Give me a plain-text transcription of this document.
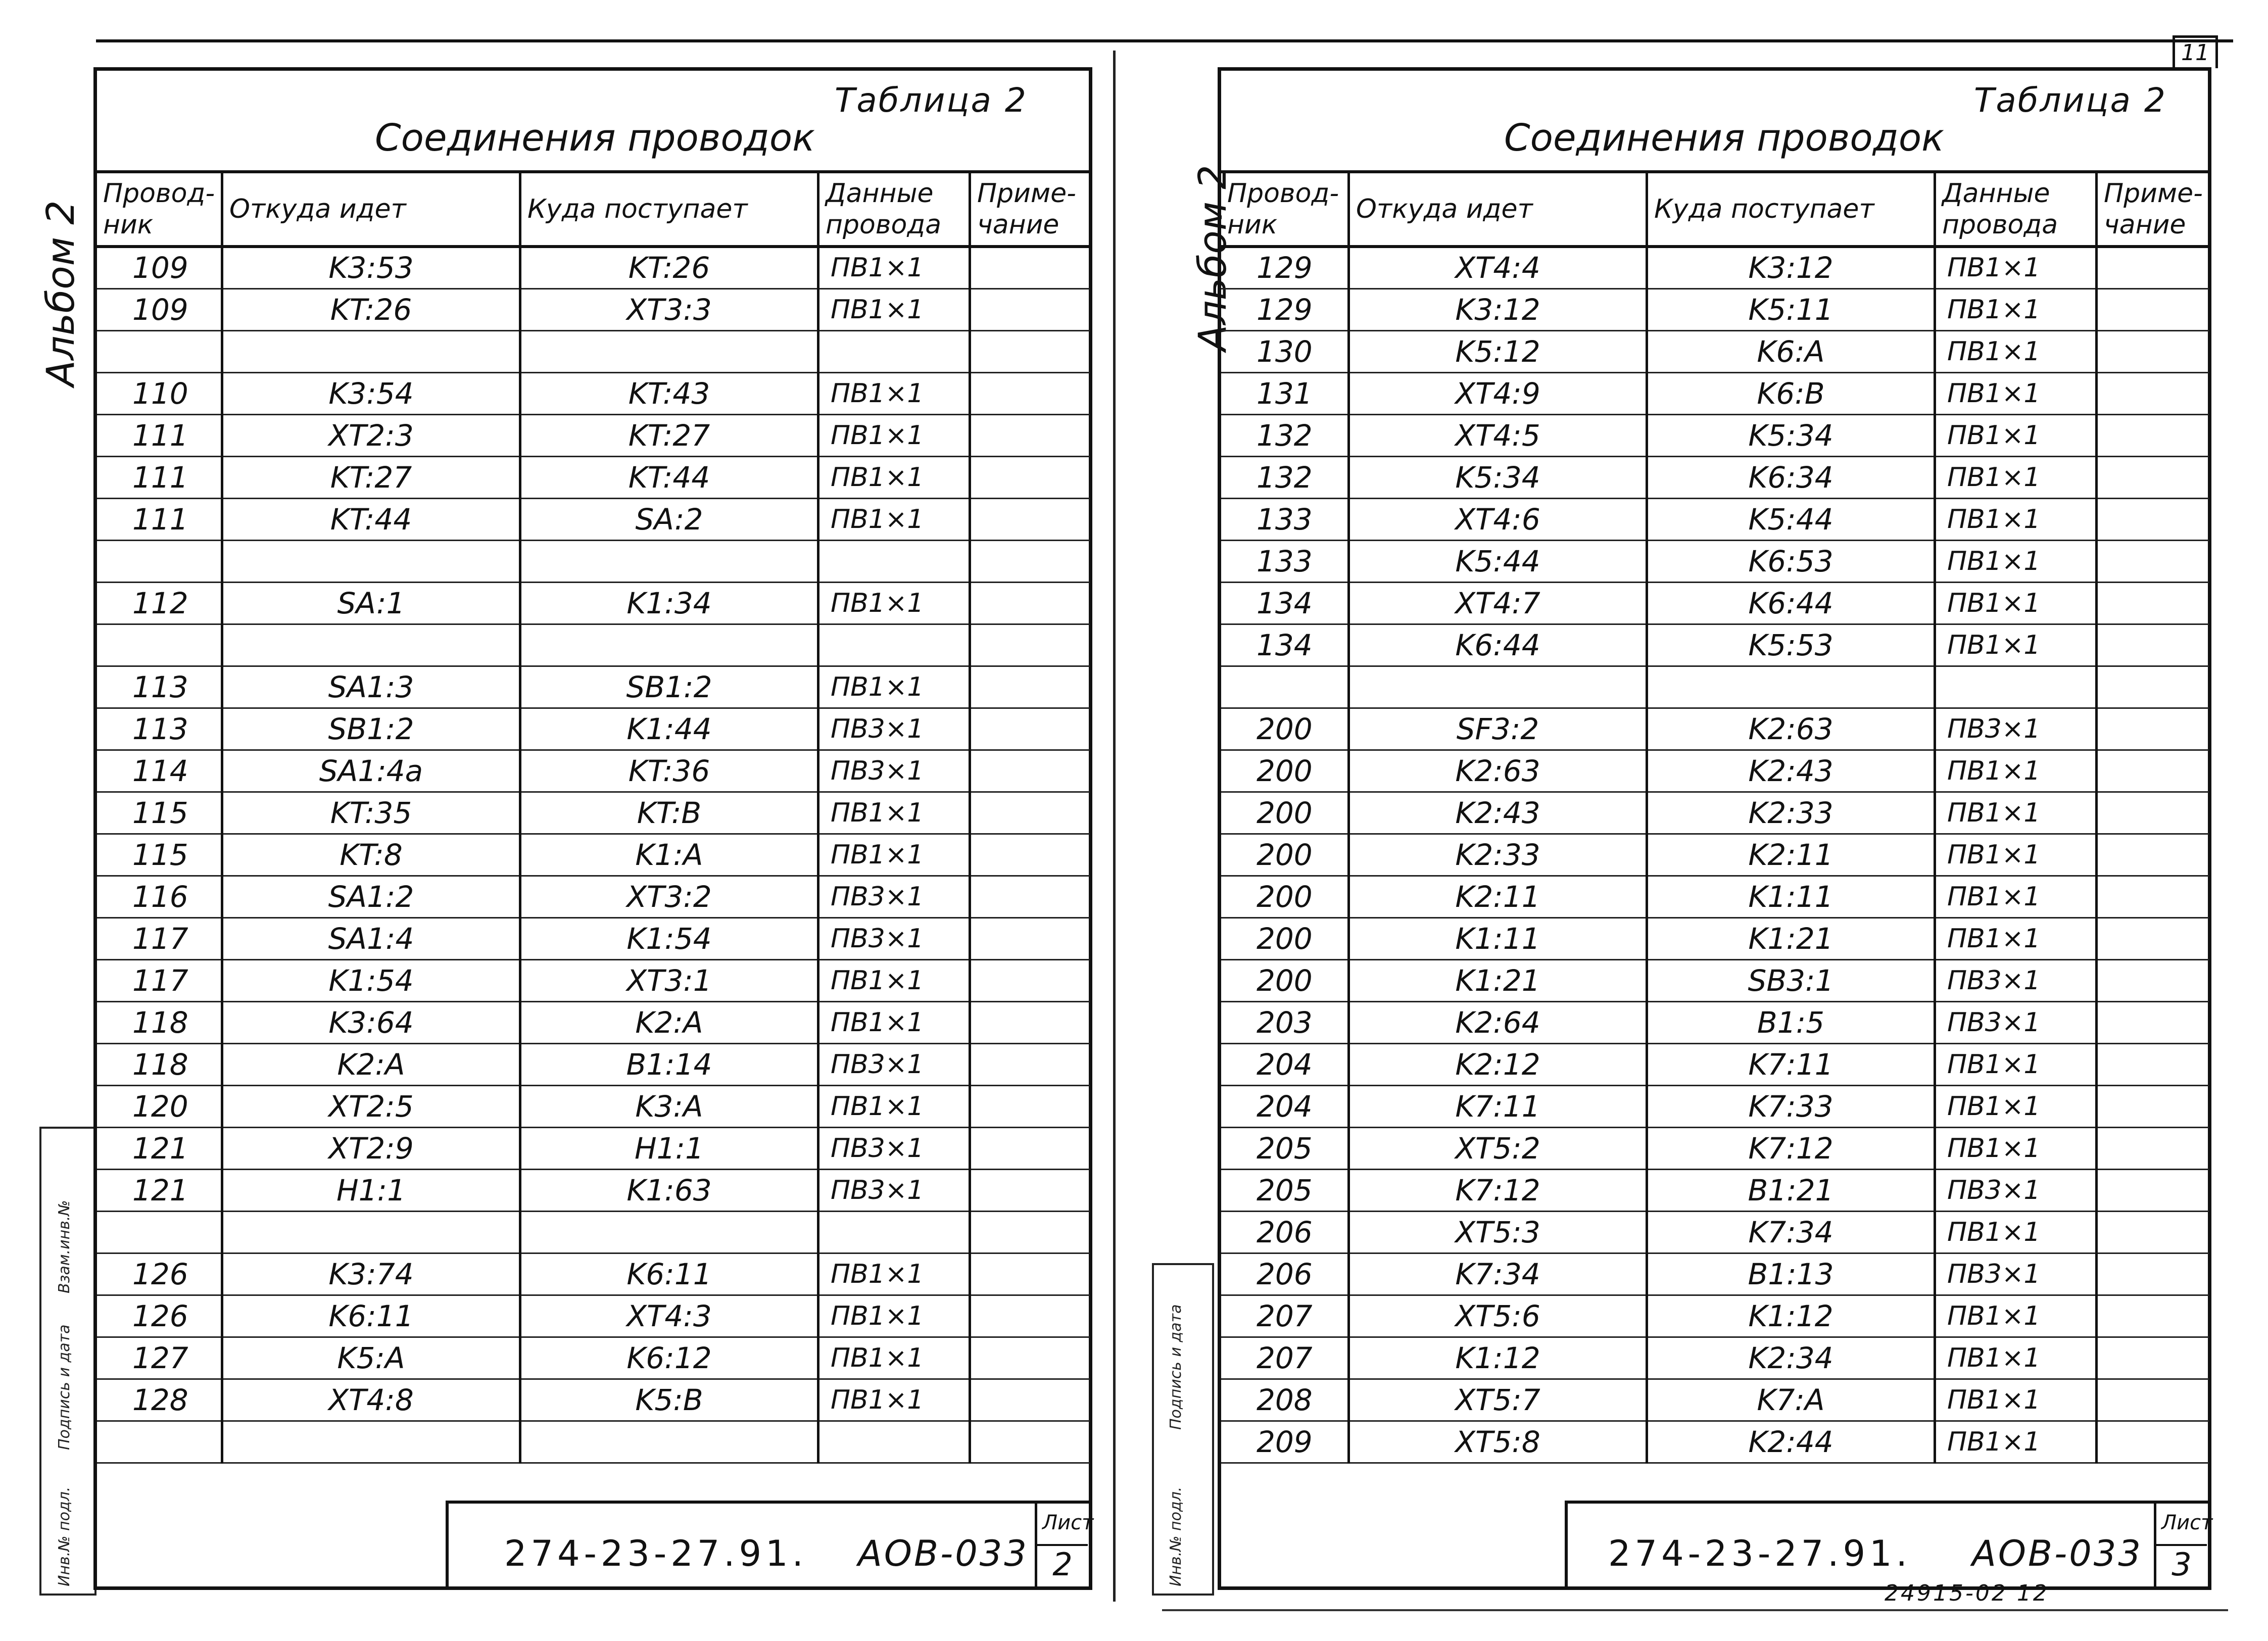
11
Альбом 2
Инв.№ подл.
Подпись и дата
Взам.инв.№
Таблица 2
Соединения проводок
Провод-ник	Откуда идет	Куда поступает	Данные провода	Приме-чание
109	K3:53	KT:26	ПВ1×1	
109	KT:26	XT3:3	ПВ1×1	

110	K3:54	KT:43	ПВ1×1	
111	XT2:3	KT:27	ПВ1×1	
111	KT:27	KT:44	ПВ1×1	
111	KT:44	SA:2	ПВ1×1	

112	SA:1	K1:34	ПВ1×1	

113	SA1:3	SB1:2	ПВ1×1	
113	SB1:2	K1:44	ПВ3×1	
114	SA1:4a	KT:36	ПВ3×1	
115	KT:35	KT:B	ПВ1×1	
115	KT:8	K1:A	ПВ1×1	
116	SA1:2	XT3:2	ПВ3×1	
117	SA1:4	K1:54	ПВ3×1	
117	K1:54	XT3:1	ПВ1×1	
118	K3:64	K2:A	ПВ1×1	
118	K2:A	B1:14	ПВ3×1	
120	XT2:5	K3:A	ПВ1×1	
121	XT2:9	H1:1	ПВ3×1	
121	H1:1	K1:63	ПВ3×1	

126	K3:74	K6:11	ПВ1×1	
126	K6:11	XT4:3	ПВ1×1	
127	K5:A	K6:12	ПВ1×1	
128	XT4:8	K5:B	ПВ1×1	

274-23-27.91. АОВ-033
Лист
2
Альбом 2
Инв.№ подл.
Подпись и дата
Таблица 2
Соединения проводок
Провод-ник	Откуда идет	Куда поступает	Данные провода	Приме-чание
129	XT4:4	K3:12	ПВ1×1	
129	K3:12	K5:11	ПВ1×1	
130	K5:12	K6:A	ПВ1×1	
131	XT4:9	K6:B	ПВ1×1	
132	XT4:5	K5:34	ПВ1×1	
132	K5:34	K6:34	ПВ1×1	
133	XT4:6	K5:44	ПВ1×1	
133	K5:44	K6:53	ПВ1×1	
134	XT4:7	K6:44	ПВ1×1	
134	K6:44	K5:53	ПВ1×1	

200	SF3:2	K2:63	ПВ3×1	
200	K2:63	K2:43	ПВ1×1	
200	K2:43	K2:33	ПВ1×1	
200	K2:33	K2:11	ПВ1×1	
200	K2:11	K1:11	ПВ1×1	
200	K1:11	K1:21	ПВ1×1	
200	K1:21	SB3:1	ПВ3×1	
203	K2:64	B1:5	ПВ3×1	
204	K2:12	K7:11	ПВ1×1	
204	K7:11	K7:33	ПВ1×1	
205	XT5:2	K7:12	ПВ1×1	
205	K7:12	B1:21	ПВ3×1	
206	XT5:3	K7:34	ПВ1×1	
206	K7:34	B1:13	ПВ3×1	
207	XT5:6	K1:12	ПВ1×1	
207	K1:12	K2:34	ПВ1×1	
208	XT5:7	K7:A	ПВ1×1	
209	XT5:8	K2:44	ПВ1×1	
274-23-27.91. АОВ-033
Лист
3
24915-02 12
